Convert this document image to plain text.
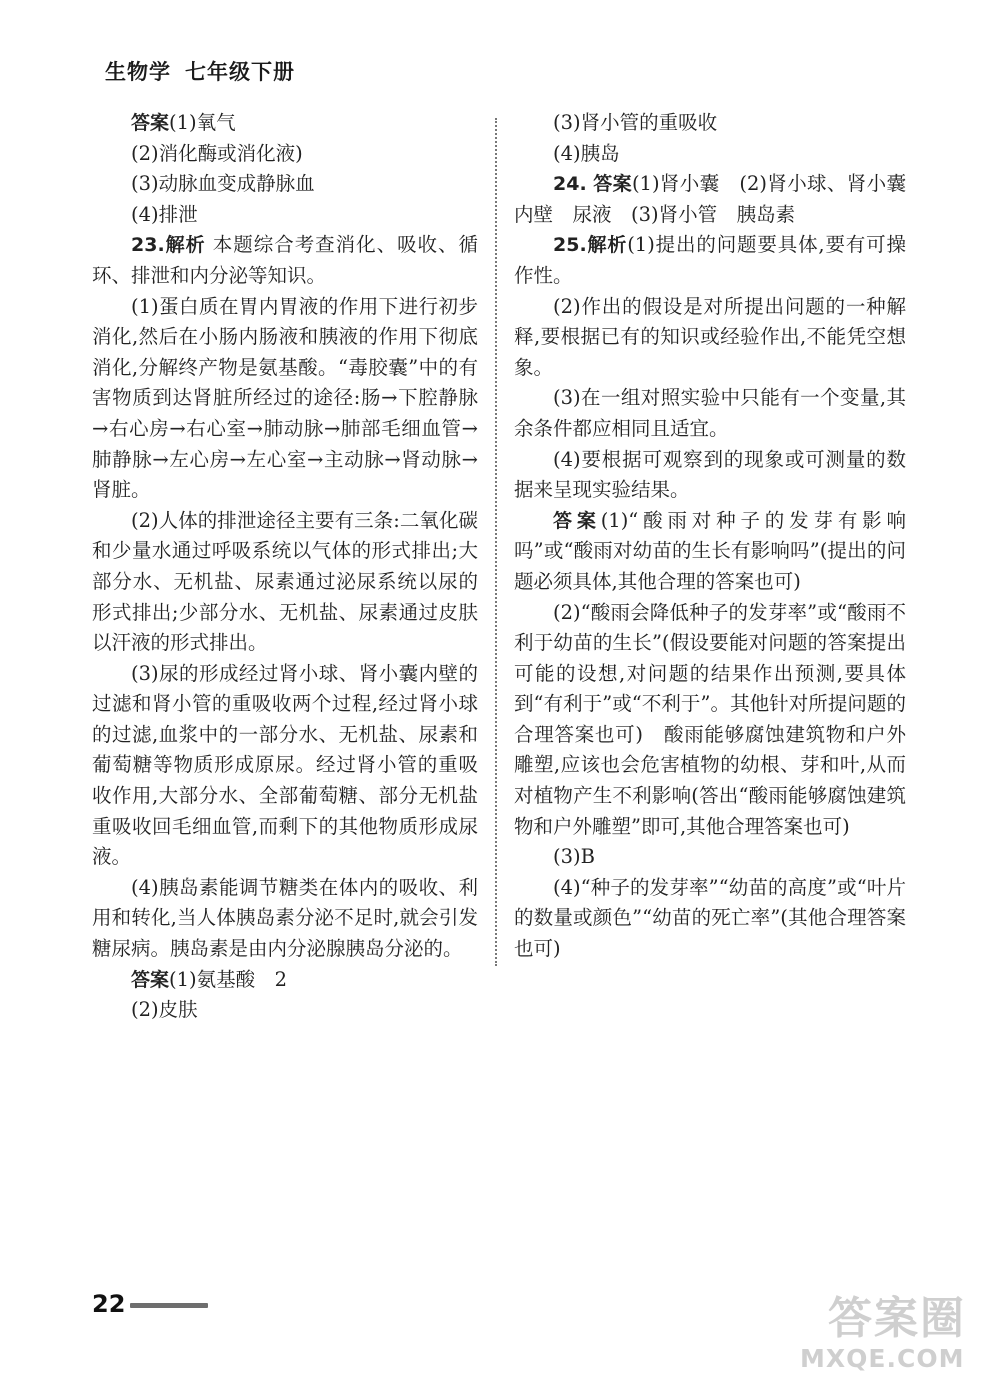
生物学 七年级下册

答案(1)氧气

(2)消化酶或消化液)

(3)动脉血变成静脉血

(4)排泄

23.解析 本题综合考查消化、吸收、循环、排泄和内分泌等知识。

(1)蛋白质在胃内胃液的作用下进行初步消化,然后在小肠内肠液和胰液的作用下彻底消化,分解终产物是氨基酸。“毒胶囊”中的有害物质到达肾脏所经过的途径:肠→下腔静脉→右心房→右心室→肺动脉→肺部毛细血管→肺静脉→左心房→左心室→主动脉→肾动脉→肾脏。

(2)人体的排泄途径主要有三条:二氧化碳和少量水通过呼吸系统以气体的形式排出;大部分水、无机盐、尿素通过泌尿系统以尿的形式排出;少部分水、无机盐、尿素通过皮肤以汗液的形式排出。

(3)尿的形成经过肾小球、肾小囊内壁的过滤和肾小管的重吸收两个过程,经过肾小球的过滤,血浆中的一部分水、无机盐、尿素和葡萄糖等物质形成原尿。经过肾小管的重吸收作用,大部分水、全部葡萄糖、部分无机盐重吸收回毛细血管,而剩下的其他物质形成尿液。

(4)胰岛素能调节糖类在体内的吸收、利用和转化,当人体胰岛素分泌不足时,就会引发糖尿病。胰岛素是由内分泌腺胰岛分泌的。

答案(1)氨基酸　2

(2)皮肤

(3)肾小管的重吸收

(4)胰岛

24. 答案(1)肾小囊　(2)肾小球、肾小囊内壁　尿液　(3)肾小管　胰岛素

25.解析(1)提出的问题要具体,要有可操作性。

(2)作出的假设是对所提出问题的一种解释,要根据已有的知识或经验作出,不能凭空想象。

(3)在一组对照实验中只能有一个变量,其余条件都应相同且适宜。

(4)要根据可观察到的现象或可测量的数据来呈现实验结果。

答案(1)“酸雨对种子的发芽有影响吗”或“酸雨对幼苗的生长有影响吗”(提出的问题必须具体,其他合理的答案也可)

(2)“酸雨会降低种子的发芽率”或“酸雨不利于幼苗的生长”(假设要能对问题的答案提出可能的设想,对问题的结果作出预测,要具体到“有利于”或“不利于”。其他针对所提问题的合理答案也可)　酸雨能够腐蚀建筑物和户外雕塑,应该也会危害植物的幼根、芽和叶,从而对植物产生不利影响(答出“酸雨能够腐蚀建筑物和户外雕塑”即可,其他合理答案也可)

(3)B

(4)“种子的发芽率”“幼苗的高度”或“叶片的数量或颜色”“幼苗的死亡率”(其他合理答案也可)

22	答案圈
MXQE.COM
